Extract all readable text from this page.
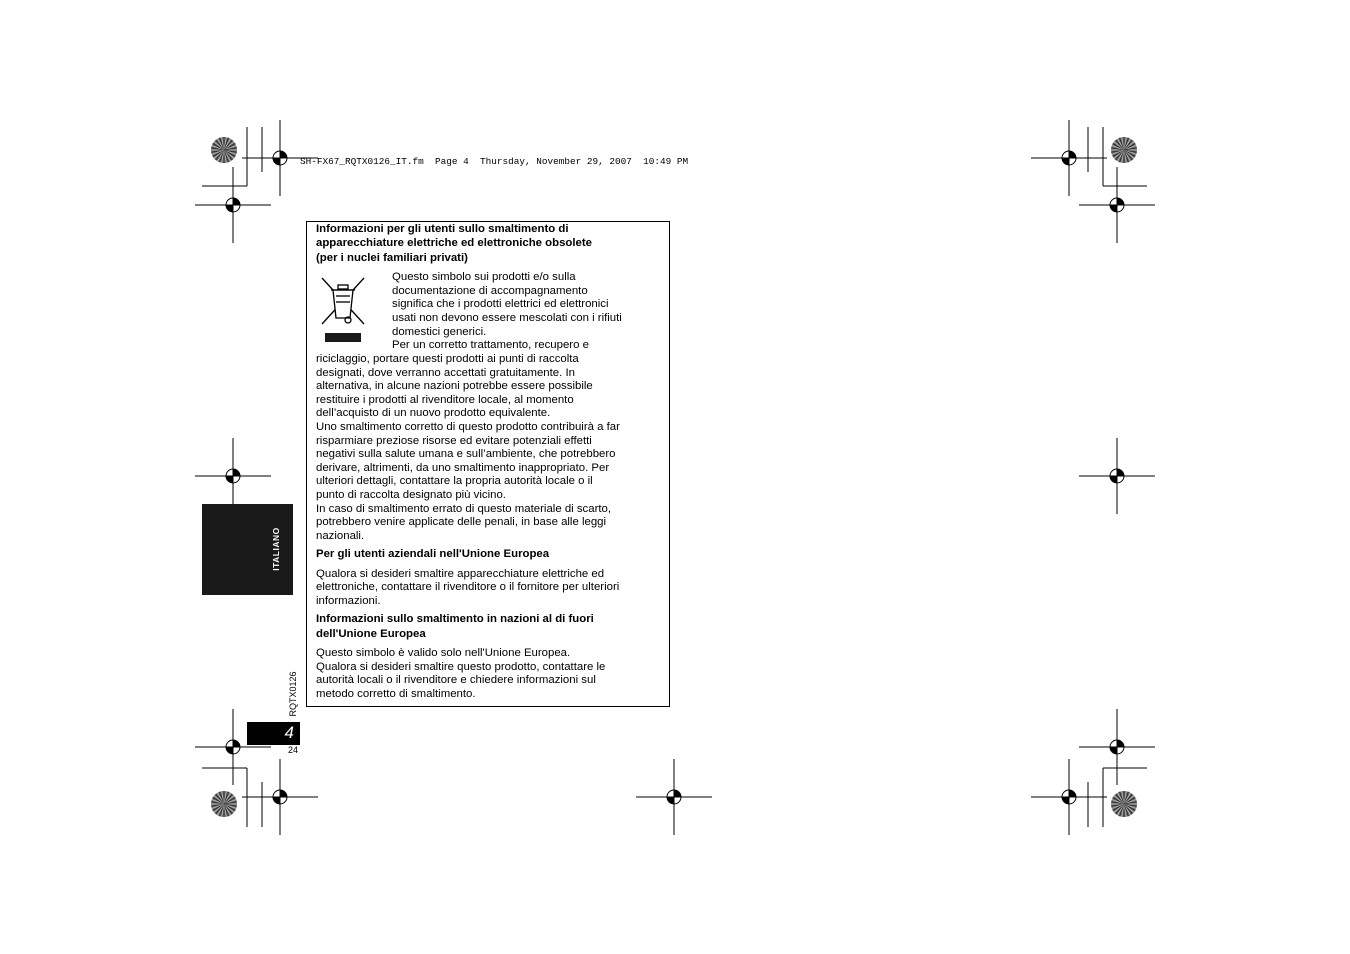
SH-FX67_RQTX0126_IT.fm  Page 4  Thursday, November 29, 2007  10:49 PM
ITALIANO
RQTX0126
4
24
Informazioni per gli utenti sullo smaltimento di
apparecchiature elettriche ed elettroniche obsolete
(per i nuclei familiari privati)
Questo simbolo sui prodotti e/o sulla
documentazione di accompagnamento
significa che i prodotti elettrici ed elettronici
usati non devono essere mescolati con i rifiuti
domestici generici.
Per un corretto trattamento, recupero e
riciclaggio, portare questi prodotti ai punti di raccolta
designati, dove verranno accettati gratuitamente. In
alternativa, in alcune nazioni potrebbe essere possibile
restituire i prodotti al rivenditore locale, al momento
dell’acquisto di un nuovo prodotto equivalente.
Uno smaltimento corretto di questo prodotto contribuirà a far
risparmiare preziose risorse ed evitare potenziali effetti
negativi sulla salute umana e sull’ambiente, che potrebbero
derivare, altrimenti, da uno smaltimento inappropriato. Per
ulteriori dettagli, contattare la propria autorità locale o il
punto di raccolta designato più vicino.
In caso di smaltimento errato di questo materiale di scarto,
potrebbero venire applicate delle penali, in base alle leggi
nazionali.
Per gli utenti aziendali nell'Unione Europea
Qualora si desideri smaltire apparecchiature elettriche ed
elettroniche, contattare il rivenditore o il fornitore per ulteriori
informazioni.
Informazioni sullo smaltimento in nazioni al di fuori
dell'Unione Europea
Questo simbolo è valido solo nell'Unione Europea.
Qualora si desideri smaltire questo prodotto, contattare le
autorità locali o il rivenditore e chiedere informazioni sul
metodo corretto di smaltimento.
